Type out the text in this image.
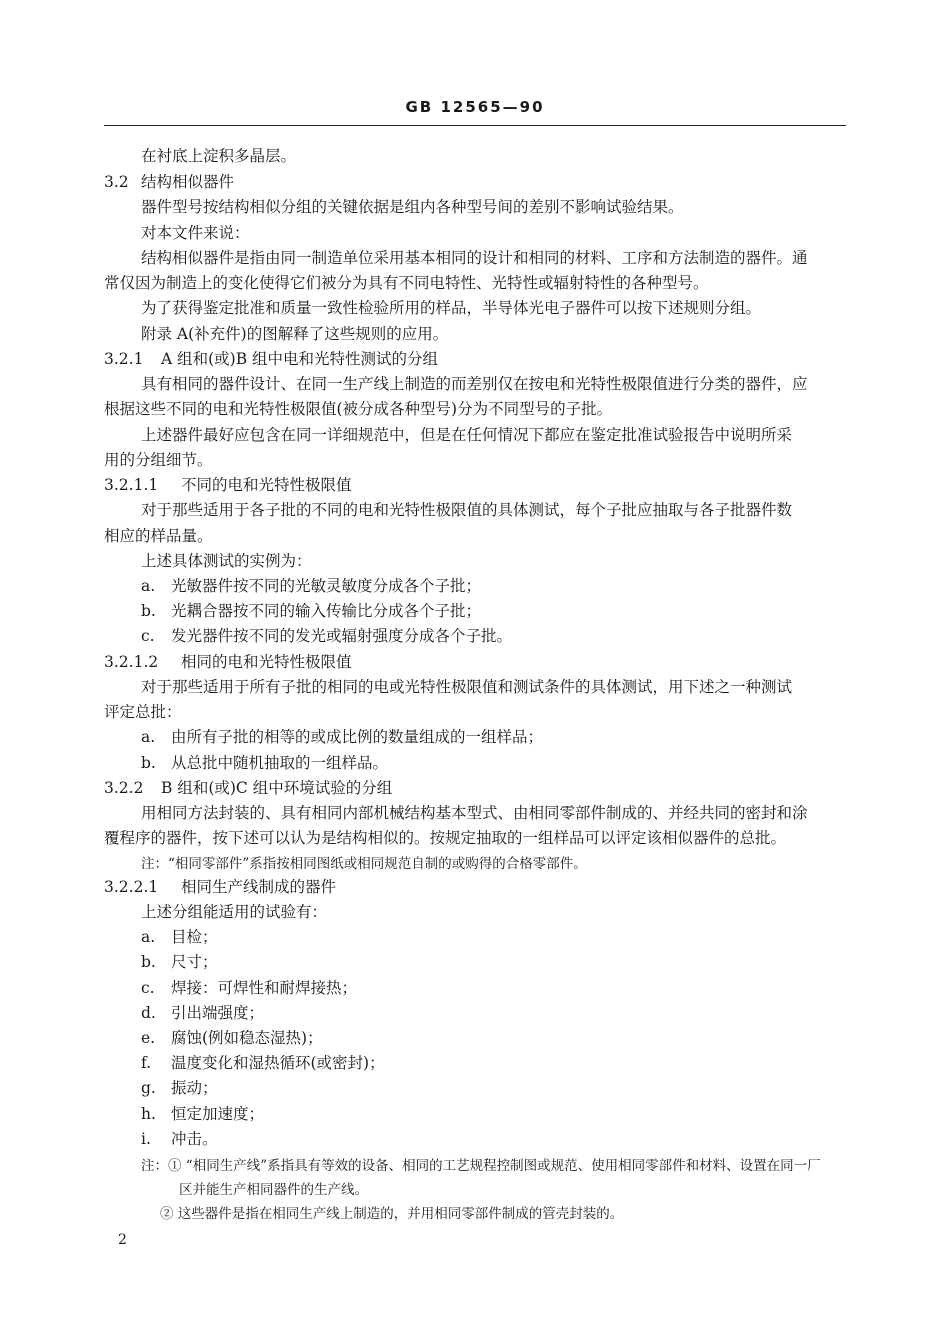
GB 12565—90
在衬底上淀积多晶层。
3.2 结构相似器件
器件型号按结构相似分组的关键依据是组内各种型号间的差别不影响试验结果。
对本文件来说：
结构相似器件是指由同一制造单位采用基本相同的设计和相同的材料、工序和方法制造的器件。通
常仅因为制造上的变化使得它们被分为具有不同电特性、光特性或辐射特性的各种型号。
为了获得鉴定批准和质量一致性检验所用的样品，半导体光电子器件可以按下述规则分组。
附录 A(补充件)的图解释了这些规则的应用。
3.2.1 A 组和(或)B 组中电和光特性测试的分组
具有相同的器件设计、在同一生产线上制造的而差别仅在按电和光特性极限值进行分类的器件，应
根据这些不同的电和光特性极限值(被分成各种型号)分为不同型号的子批。
上述器件最好应包含在同一详细规范中，但是在任何情况下都应在鉴定批准试验报告中说明所采
用的分组细节。
3.2.1.1 不同的电和光特性极限值
对于那些适用于各子批的不同的电和光特性极限值的具体测试，每个子批应抽取与各子批器件数
相应的样品量。
上述具体测试的实例为：
a. 光敏器件按不同的光敏灵敏度分成各个子批；
b. 光耦合器按不同的输入传输比分成各个子批；
c. 发光器件按不同的发光或辐射强度分成各个子批。
3.2.1.2 相同的电和光特性极限值
对于那些适用于所有子批的相同的电或光特性极限值和测试条件的具体测试，用下述之一种测试
评定总批：
a. 由所有子批的相等的或成比例的数量组成的一组样品；
b. 从总批中随机抽取的一组样品。
3.2.2 B 组和(或)C 组中环境试验的分组
用相同方法封装的、具有相同内部机械结构基本型式、由相同零部件制成的、并经共同的密封和涂
覆程序的器件，按下述可以认为是结构相似的。按规定抽取的一组样品可以评定该相似器件的总批。
注：“相同零部件”系指按相同图纸或相同规范自制的或购得的合格零部件。
3.2.2.1 相同生产线制成的器件
上述分组能适用的试验有：
a. 目检；
b. 尺寸；
c. 焊接：可焊性和耐焊接热；
d. 引出端强度；
e. 腐蚀(例如稳态湿热)；
f. 温度变化和湿热循环(或密封)；
g. 振动；
h. 恒定加速度；
i. 冲击。
注：① “相同生产线”系指具有等效的设备、相同的工艺规程控制图或规范、使用相同零部件和材料、设置在同一厂
区并能生产相同器件的生产线。
② 这些器件是指在相同生产线上制造的，并用相同零部件制成的管壳封装的。
2
